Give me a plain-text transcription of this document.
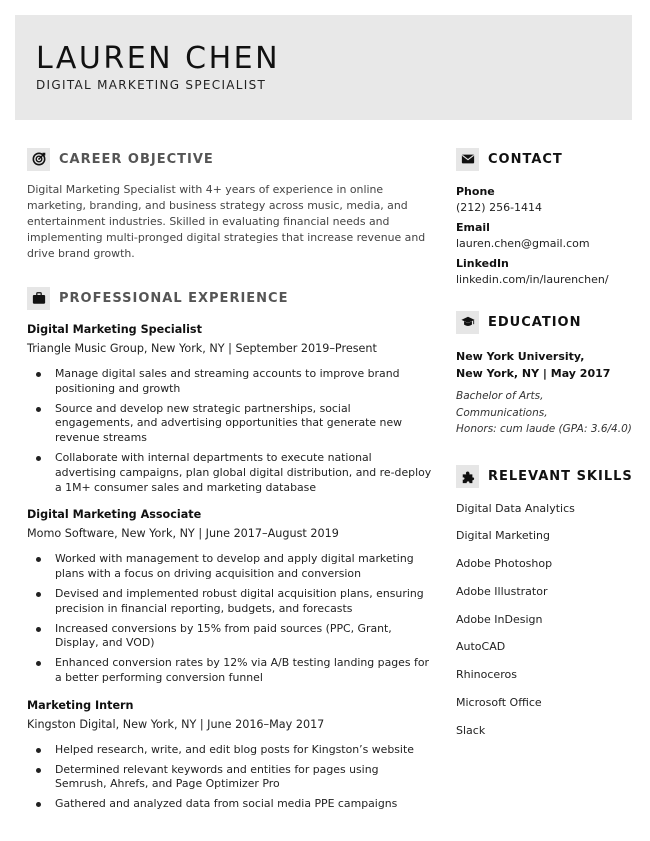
LAUREN CHEN
DIGITAL MARKETING SPECIALIST
CAREER OBJECTIVE

Digital Marketing Specialist with 4+ years of experience in online marketing, branding, and business strategy across music, media, and entertainment industries. Skilled in evaluating financial needs and implementing multi-pronged digital strategies that increase revenue and drive brand growth.

PROFESSIONAL EXPERIENCE
Digital Marketing Specialist
Triangle Music Group, New York, NY | September 2019–Present
Manage digital sales and streaming accounts to improve brand positioning and growth
Source and develop new strategic partnerships, social engagements, and advertising opportunities that generate new revenue streams
Collaborate with internal departments to execute national advertising campaigns, plan global digital distribution, and re-deploy a 1M+ consumer sales and marketing database
Digital Marketing Associate
Momo Software, New York, NY | June 2017–August 2019
Worked with management to develop and apply digital marketing plans with a focus on driving acquisition and conversion
Devised and implemented robust digital acquisition plans, ensuring precision in financial reporting, budgets, and forecasts
Increased conversions by 15% from paid sources (PPC, Grant, Display, and VOD)
Enhanced conversion rates by 12% via A/B testing landing pages for a better performing conversion funnel
Marketing Intern
Kingston Digital, New York, NY | June 2016–May 2017
Helped research, write, and edit blog posts for Kingston’s website
Determined relevant keywords and entities for pages using Semrush, Ahrefs, and Page Optimizer Pro
Gathered and analyzed data from social media PPE campaigns
CONTACT
Phone
(212) 256-1414
Email
lauren.chen@gmail.com
LinkedIn
linkedin.com/in/laurenchen/
EDUCATION
New York University,
New York, NY | May 2017
Bachelor of Arts,
Communications,
Honors: cum laude (GPA: 3.6/4.0)
RELEVANT SKILLS
Digital Data Analytics
Digital Marketing
Adobe Photoshop
Adobe Illustrator
Adobe InDesign
AutoCAD
Rhinoceros
Microsoft Office
Slack
